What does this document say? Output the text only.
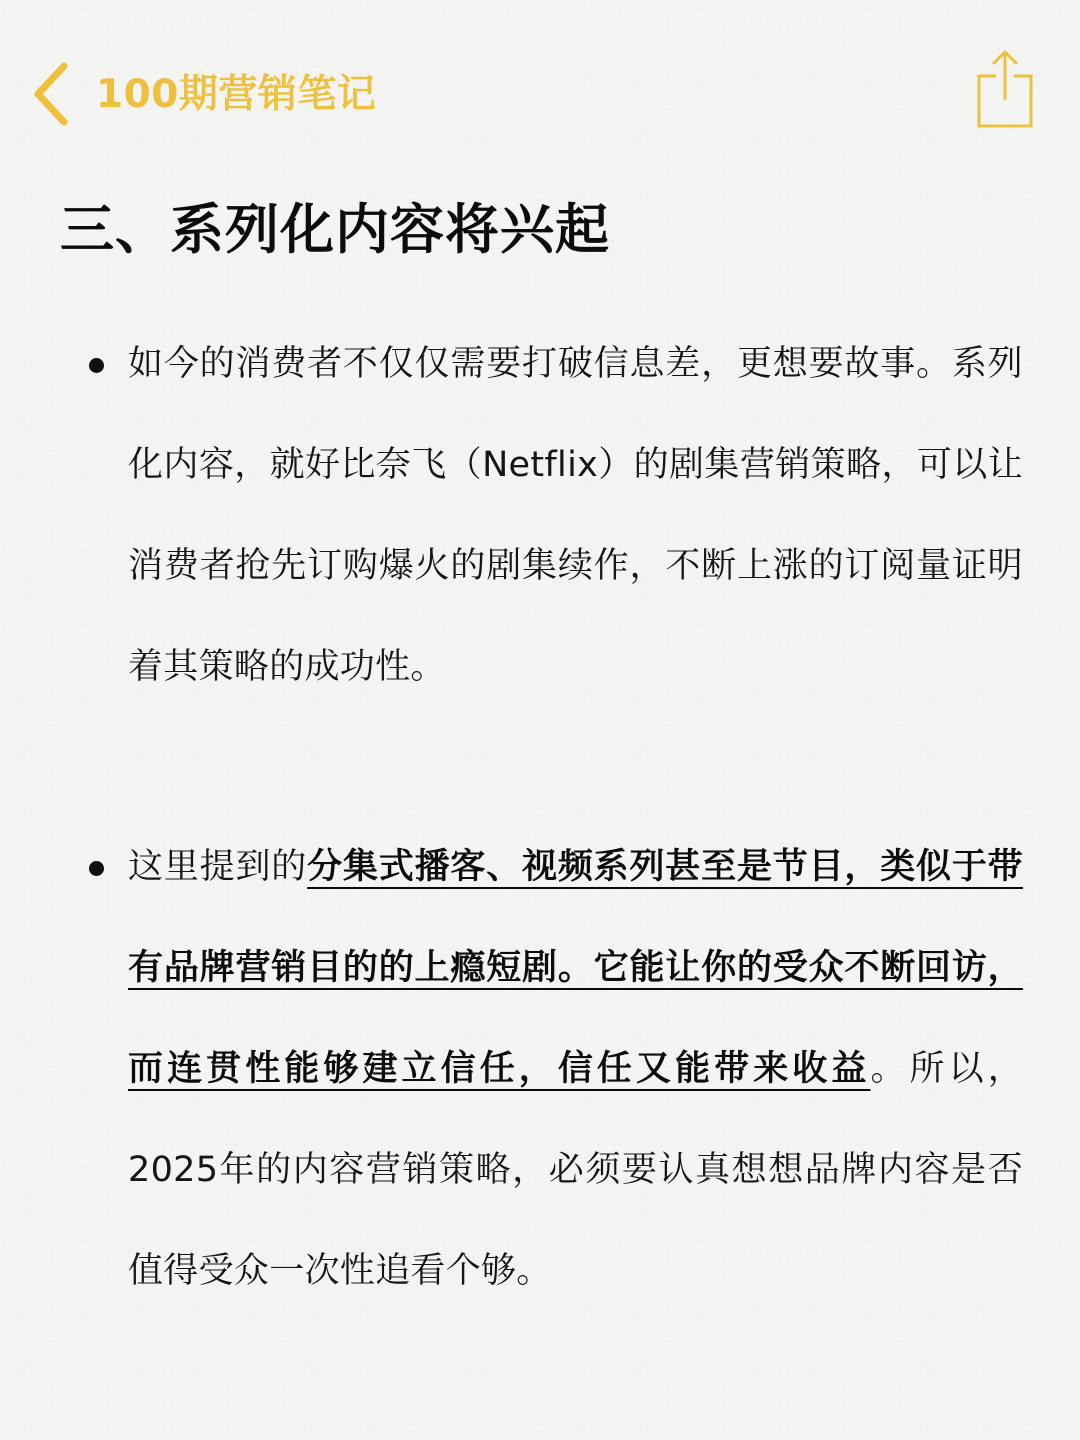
100期营销笔记
三、系列化内容将兴起
如今的消费者不仅仅需要打破信息差，更想要故事。系列化内容，就好比奈飞（Netflix）的剧集营销策略，可以让消费者抢先订购爆火的剧集续作，不断上涨的订阅量证明着其策略的成功性。
这里提到的分集式播客、视频系列甚至是节目，类似于带有品牌营销目的的上瘾短剧。它能让你的受众不断回访，而连贯性能够建立信任，信任又能带来收益。所以，2025年的内容营销策略，必须要认真想想品牌内容是否值得受众一次性追看个够。
